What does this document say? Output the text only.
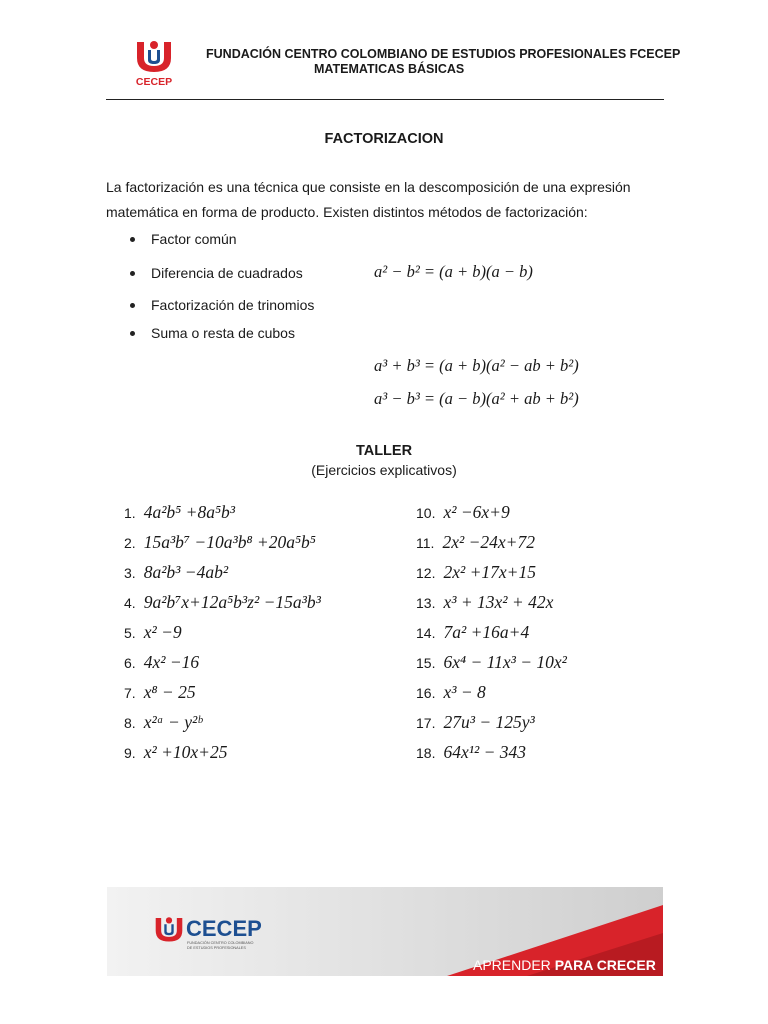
CECEP
FUNDACIÓN CENTRO COLOMBIANO DE ESTUDIOS PROFESIONALES FCECEP
MATEMATICAS BÁSICAS
FACTORIZACION
La factorización es una técnica que consiste en la descomposición de una expresión matemática en forma de producto. Existen distintos métodos de factorización:
Factor común
Diferencia de cuadrados
Factorización de trinomios
Suma o resta de cubos
a² − b² = (a + b)(a − b)
a³ + b³ = (a + b)(a² − ab + b²)
a³ − b³ = (a − b)(a² + ab + b²)
TALLER
(Ejercicios explicativos)
1. 4a²b⁵ +8a⁵b³
2. 15a³b⁷ −10a³b⁸ +20a⁵b⁵
3. 8a²b³ −4ab²
4. 9a²b⁷x+12a⁵b³z² −15a³b³
5. x² −9
6. 4x² −16
7. x⁸ − 25
8. x²ᵃ − y²ᵇ
9. x² +10x+25
10. x² −6x+9
11. 2x² −24x+72
12. 2x² +17x+15
13. x³ + 13x² + 42x
14. 7a² +16a+4
15. 6x⁴ − 11x³ − 10x²
16. x³ − 8
17. 27u³ − 125y³
18. 64x¹² − 343
CECEP
FUNDACIÓN CENTRO COLOMBIANO DE ESTUDIOS PROFESIONALES
APRENDER PARA CRECER
